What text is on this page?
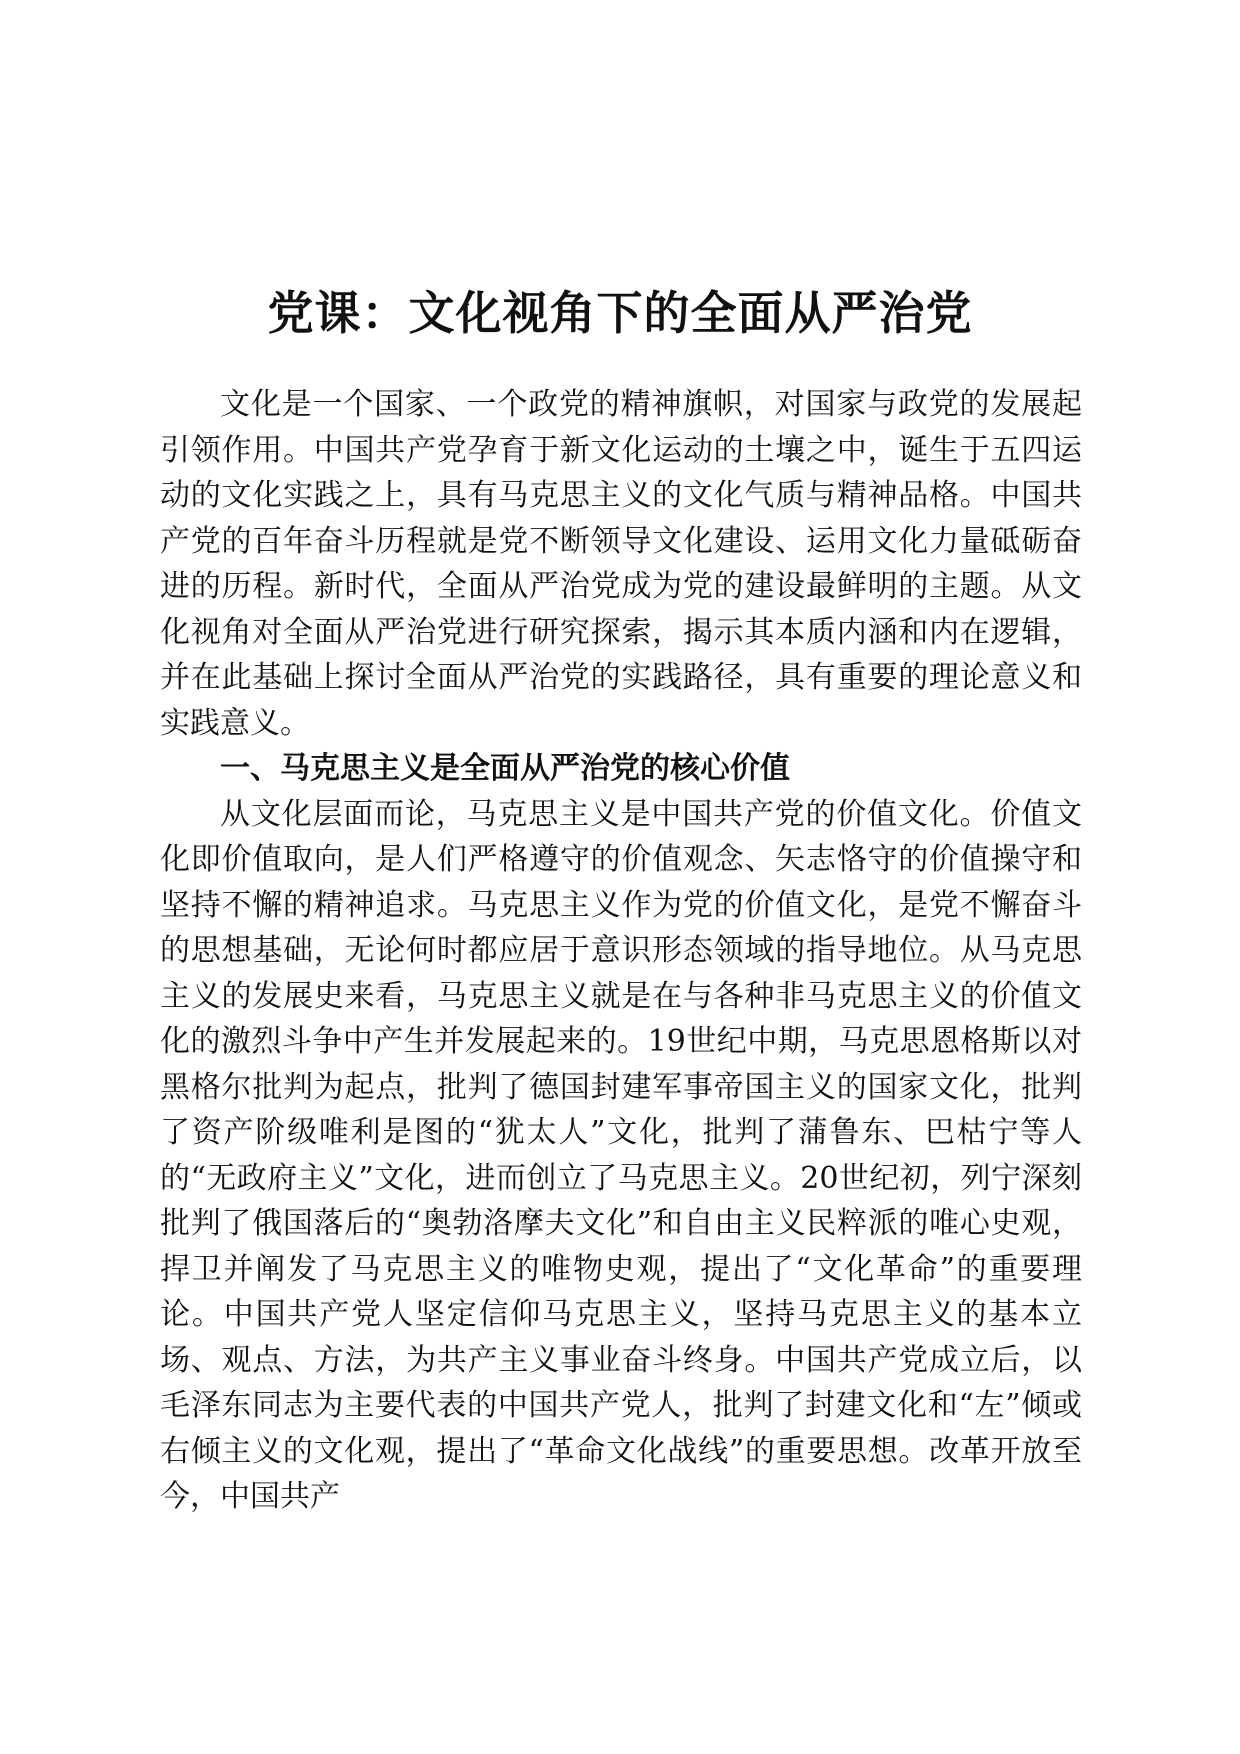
党课：文化视角下的全面从严治党

文化是一个国家、一个政党的精神旗帜，对国家与政党的发展起引领作用。中国共产党孕育于新文化运动的土壤之中，诞生于五四运动的文化实践之上，具有马克思主义的文化气质与精神品格。中国共产党的百年奋斗历程就是党不断领导文化建设、运用文化力量砥砺奋进的历程。新时代，全面从严治党成为党的建设最鲜明的主题。从文化视角对全面从严治党进行研究探索，揭示其本质内涵和内在逻辑，并在此基础上探讨全面从严治党的实践路径，具有重要的理论意义和实践意义。

一、马克思主义是全面从严治党的核心价值

从文化层面而论，马克思主义是中国共产党的价值文化。价值文化即价值取向，是人们严格遵守的价值观念、矢志恪守的价值操守和坚持不懈的精神追求。马克思主义作为党的价值文化，是党不懈奋斗的思想基础，无论何时都应居于意识形态领域的指导地位。从马克思主义的发展史来看，马克思主义就是在与各种非马克思主义的价值文化的激烈斗争中产生并发展起来的。19世纪中期，马克思恩格斯以对黑格尔批判为起点，批判了德国封建军事帝国主义的国家文化，批判了资产阶级唯利是图的“犹太人”文化，批判了蒲鲁东、巴枯宁等人的“无政府主义”文化，进而创立了马克思主义。20世纪初，列宁深刻批判了俄国落后的“奥勃洛摩夫文化”和自由主义民粹派的唯心史观，捍卫并阐发了马克思主义的唯物史观，提出了“文化革命”的重要理论。中国共产党人坚定信仰马克思主义，坚持马克思主义的基本立场、观点、方法，为共产主义事业奋斗终身。中国共产党成立后，以毛泽东同志为主要代表的中国共产党人，批判了封建文化和“左”倾或右倾主义的文化观，提出了“革命文化战线”的重要思想。改革开放至今，中国共产
